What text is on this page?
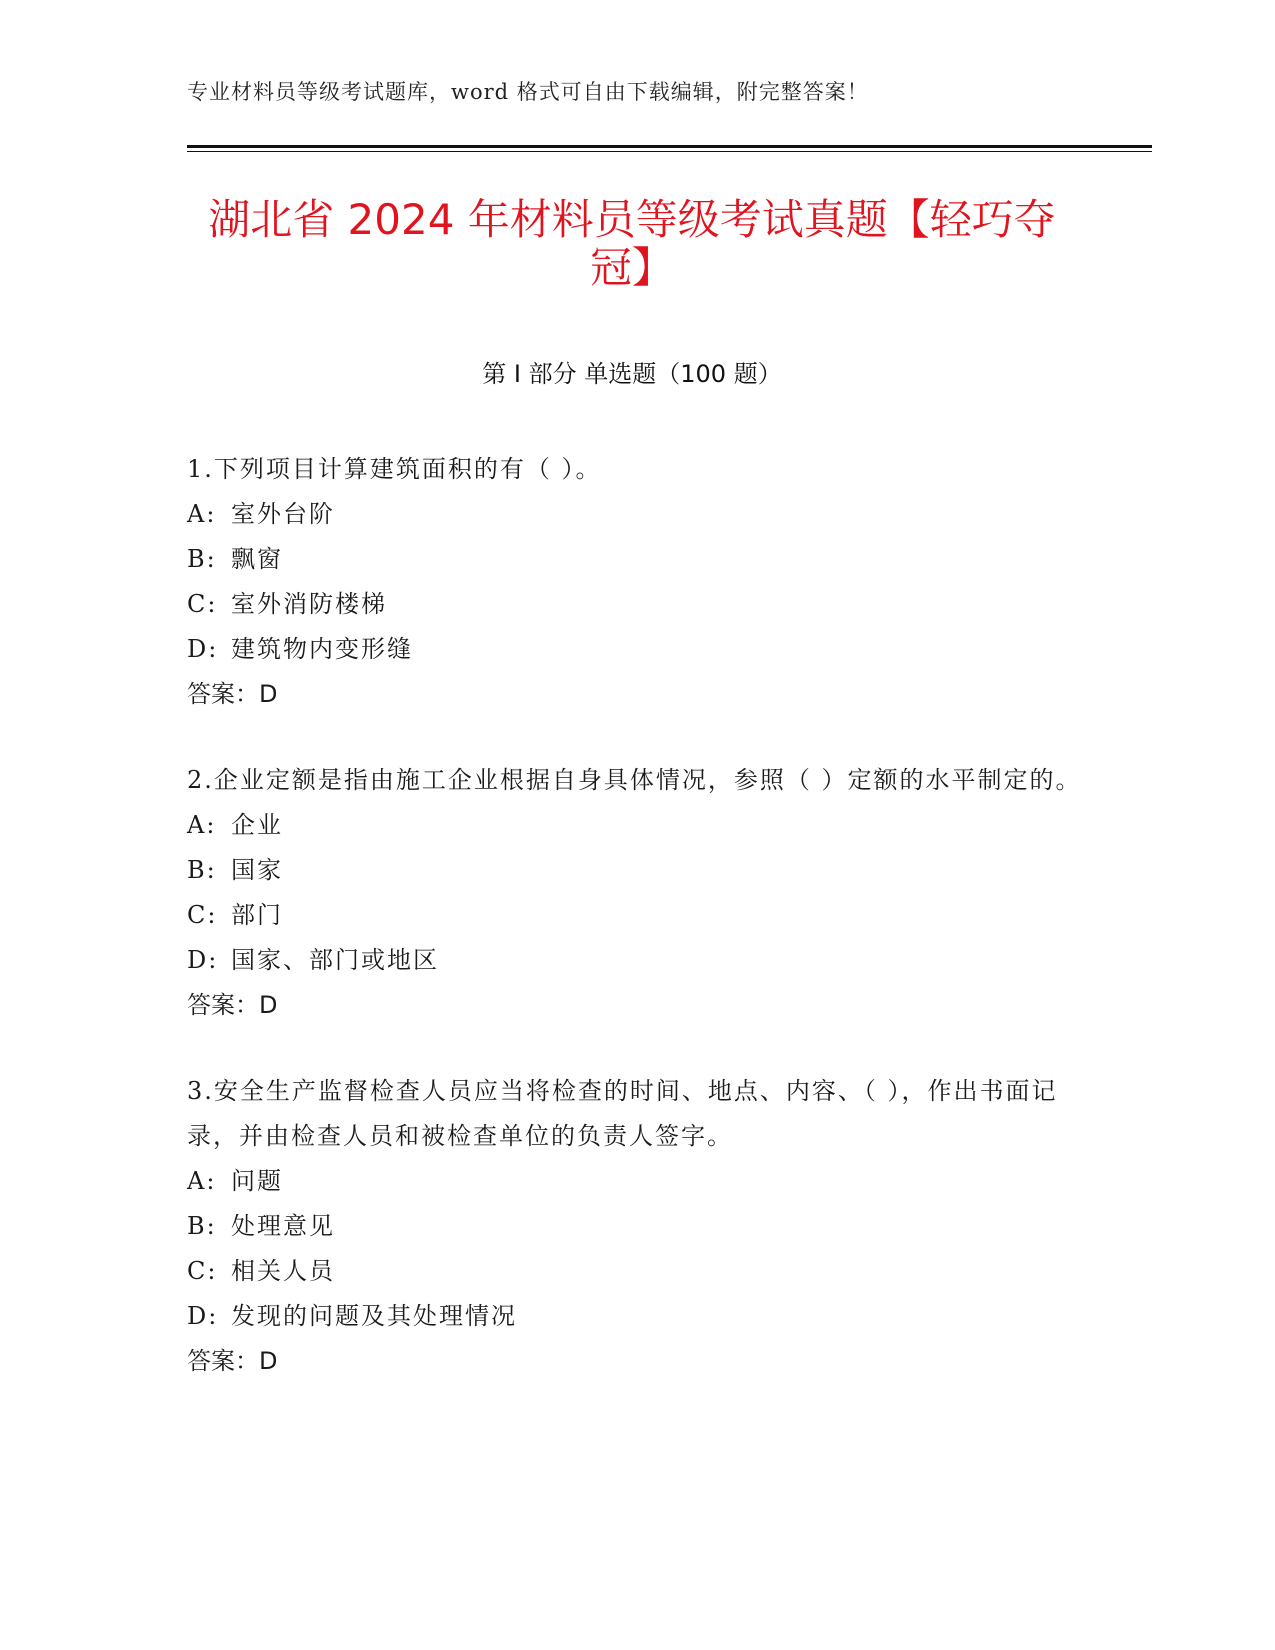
专业材料员等级考试题库，word 格式可自由下载编辑，附完整答案！
湖北省 2024 年材料员等级考试真题【轻巧夺冠】
第 I 部分 单选题（100 题）

1.下列项目计算建筑面积的有（ ）。

A: 室外台阶

B: 飘窗

C: 室外消防楼梯

D: 建筑物内变形缝

答案：D

2.企业定额是指由施工企业根据自身具体情况，参照（ ）定额的水平制定的。

A: 企业

B: 国家

C: 部门

D: 国家、部门或地区

答案：D

3.安全生产监督检查人员应当将检查的时间、地点、内容、（ ），作出书面记录，并由检查人员和被检查单位的负责人签字。

A: 问题

B: 处理意见

C: 相关人员

D: 发现的问题及其处理情况

答案：D
